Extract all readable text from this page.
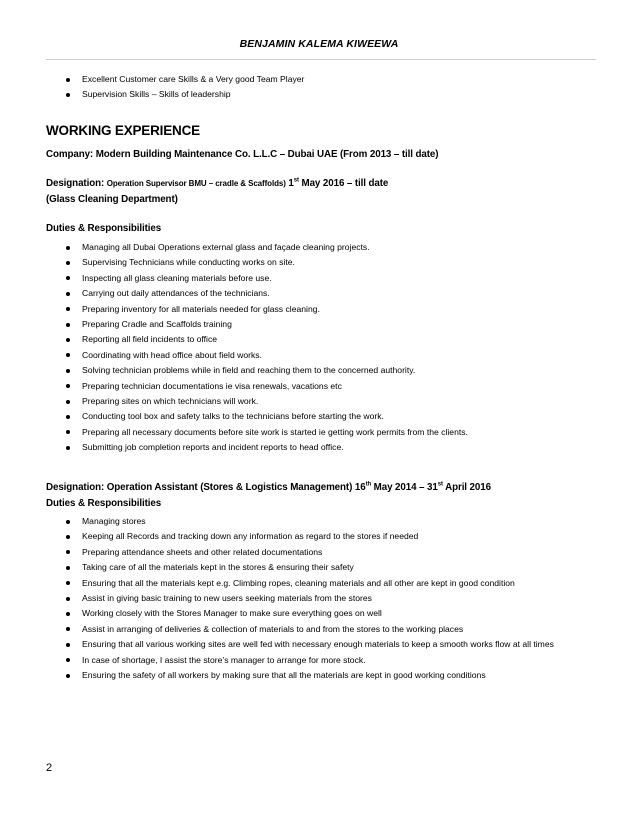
BENJAMIN KALEMA KIWEEWA
Excellent Customer care Skills & a Very good Team Player
Supervision Skills – Skills of leadership
WORKING EXPERIENCE
Company: Modern Building Maintenance Co. L.L.C – Dubai UAE (From 2013 – till date)
Designation: Operation Supervisor BMU – cradle & Scaffolds) 1st May 2016 – till date
(Glass Cleaning Department)
Duties & Responsibilities
Managing all Dubai Operations external glass and façade cleaning projects.
Supervising Technicians while conducting works on site.
Inspecting all glass cleaning materials before use.
Carrying out daily attendances of the technicians.
Preparing inventory for all materials needed for glass cleaning.
Preparing Cradle and Scaffolds training
Reporting all field incidents to office
Coordinating with head office about field works.
Solving technician problems while in field and reaching them to the concerned authority.
Preparing technician documentations ie visa renewals, vacations etc
Preparing sites on which technicians will work.
Conducting tool box and safety talks to the technicians before starting the work.
Preparing all necessary documents before site work is started ie getting work permits from the clients.
Submitting job completion reports and incident reports to head office.
Designation: Operation Assistant (Stores & Logistics Management) 16th May 2014 – 31st April 2016
Duties & Responsibilities
Managing stores
Keeping all Records and tracking down any information as regard to the stores if needed
Preparing attendance sheets and other related documentations
Taking care of all the materials kept in the stores & ensuring their safety
Ensuring that all the materials kept e.g. Climbing ropes, cleaning materials and all other are kept in good condition
Assist in giving basic training to new users seeking materials from the stores
Working closely with the Stores Manager to make sure everything goes on well
Assist in arranging of deliveries & collection of materials to and from the stores to the working places
Ensuring that all various working sites are well fed with necessary enough materials to keep a smooth works flow at all times
In case of shortage, I assist the store’s manager to arrange for more stock.
Ensuring the safety of all workers by making sure that all the materials are kept in good working conditions
2
